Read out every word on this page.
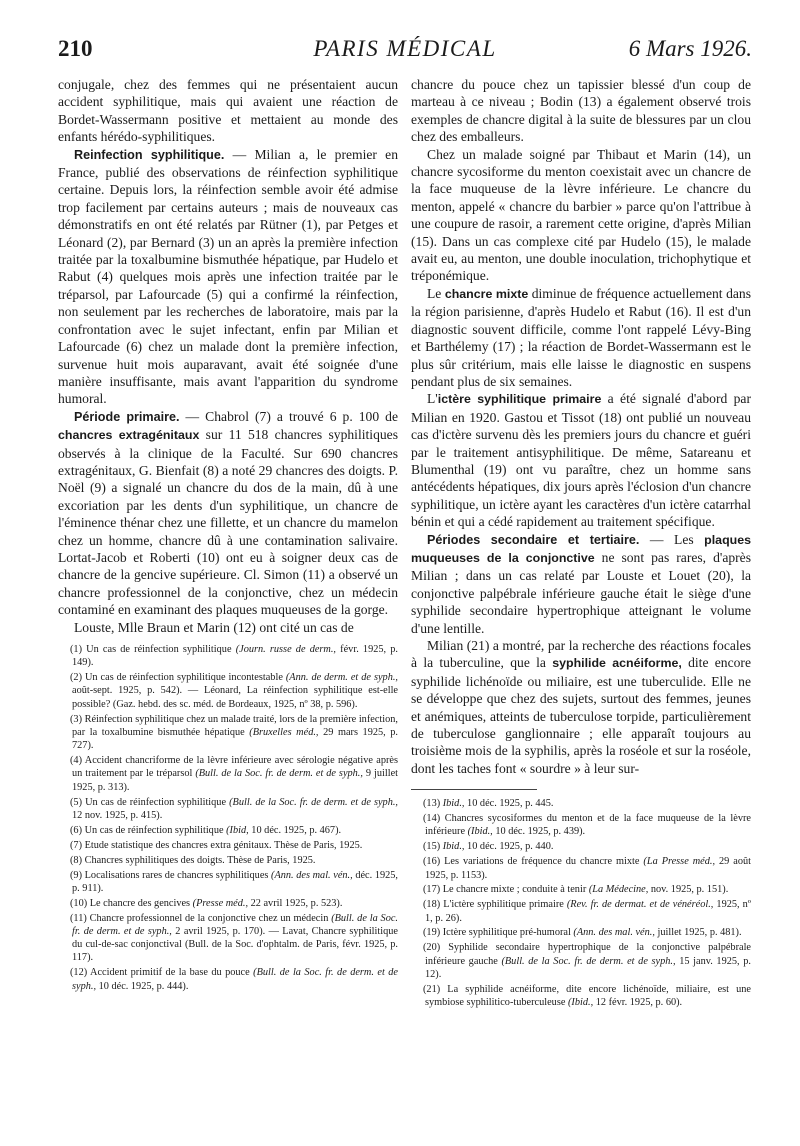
210	PARIS MÉDICAL	6 Mars 1926.

conjugale, chez des femmes qui ne présentaient aucun accident syphilitique, mais qui avaient une réaction de Bordet-Wassermann positive et mettaient au monde des enfants hérédo-syphilitiques.

Reinfection syphilitique. — Milian a, le premier en France, publié des observations de réinfection syphilitique certaine. Depuis lors, la réinfection semble avoir été admise trop facilement par certains auteurs ; mais de nouveaux cas démonstratifs en ont été relatés par Rütner (1), par Petges et Léonard (2), par Bernard (3) un an après la première infection traitée par la toxalbumine bismuthée hépatique, par Hudelo et Rabut (4) quelques mois après une infection traitée par le tréparsol, par Lafourcade (5) qui a confirmé la réinfection, non seulement par les recherches de laboratoire, mais par la confrontation avec le sujet infectant, enfin par Milian et Lafourcade (6) chez un malade dont la première infection, survenue huit mois auparavant, avait été soignée d'une manière insuffisante, mais avant l'apparition du syndrome humoral.

Période primaire. — Chabrol (7) a trouvé 6 p. 100 de chancres extragénitaux sur 11 518 chancres syphilitiques observés à la clinique de la Faculté. Sur 690 chancres extragénitaux, G. Bienfait (8) a noté 29 chancres des doigts. P. Noël (9) a signalé un chancre du dos de la main, dû à une excoriation par les dents d'un syphilitique, un chancre de l'éminence thénar chez une fillette, et un chancre du mamelon chez un homme, chancre dû à une contamination salivaire. Lortat-Jacob et Roberti (10) ont eu à soigner deux cas de chancre de la gencive supérieure. Cl. Simon (11) a observé un chancre professionnel de la conjonctive, chez un médecin contaminé en examinant des plaques muqueuses de la gorge.

Louste, Mlle Braun et Marin (12) ont cité un cas de

(1) Un cas de réinfection syphilitique (Journ. russe de derm., févr. 1925, p. 149).

(2) Un cas de réinfection syphilitique incontestable (Ann. de derm. et de syph., août-sept. 1925, p. 542). — Léonard, La réinfection syphilitique est-elle possible? (Gaz. hebd. des sc. méd. de Bordeaux, 1925, nº 38, p. 596).

(3) Réinfection syphilitique chez un malade traité, lors de la première infection, par la toxalbumine bismuthée hépatique (Bruxelles méd., 29 mars 1925, p. 727).

(4) Accident chancriforme de la lèvre inférieure avec sérologie négative après un traitement par le tréparsol (Bull. de la Soc. fr. de derm. et de syph., 9 juillet 1925, p. 313).

(5) Un cas de réinfection syphilitique (Bull. de la Soc. fr. de derm. et de syph., 12 nov. 1925, p. 415).

(6) Un cas de réinfection syphilitique (Ibid, 10 déc. 1925, p. 467).

(7) Etude statistique des chancres extra génitaux. Thèse de Paris, 1925.

(8) Chancres syphilitiques des doigts. Thèse de Paris, 1925.

(9) Localisations rares de chancres syphilitiques (Ann. des mal. vén., déc. 1925, p. 911).

(10) Le chancre des gencives (Presse méd., 22 avril 1925, p. 523).

(11) Chancre professionnel de la conjonctive chez un médecin (Bull. de la Soc. fr. de derm. et de syph., 2 avril 1925, p. 170). — Lavat, Chancre syphilitique du cul-de-sac conjonctival (Bull. de la Soc. d'ophtalm. de Paris, févr. 1925, p. 117).

(12) Accident primitif de la base du pouce (Bull. de la Soc. fr. de derm. et de syph., 10 déc. 1925, p. 444).

chancre du pouce chez un tapissier blessé d'un coup de marteau à ce niveau ; Bodin (13) a également observé trois exemples de chancre digital à la suite de blessures par un clou chez des emballeurs.

Chez un malade soigné par Thibaut et Marin (14), un chancre sycosiforme du menton coexistait avec un chancre de la face muqueuse de la lèvre inférieure. Le chancre du menton, appelé « chancre du barbier » parce qu'on l'attribue à une coupure de rasoir, a rarement cette origine, d'après Milian (15). Dans un cas complexe cité par Hudelo (15), le malade avait eu, au menton, une double inoculation, trichophytique et tréponémique.

Le chancre mixte diminue de fréquence actuellement dans la région parisienne, d'après Hudelo et Rabut (16). Il est d'un diagnostic souvent difficile, comme l'ont rappelé Lévy-Bing et Barthélemy (17) ; la réaction de Bordet-Wassermann est le plus sûr critérium, mais elle laisse le diagnostic en suspens pendant plus de six semaines.

L'ictère syphilitique primaire a été signalé d'abord par Milian en 1920. Gastou et Tissot (18) ont publié un nouveau cas d'ictère survenu dès les premiers jours du chancre et guéri par le traitement antisyphilitique. De même, Satareanu et Blumenthal (19) ont vu paraître, chez un homme sans antécédents hépatiques, dix jours après l'éclosion d'un chancre syphilitique, un ictère ayant les caractères d'un ictère catarrhal bénin et qui a cédé rapidement au traitement spécifique.

Périodes secondaire et tertiaire. — Les plaques muqueuses de la conjonctive ne sont pas rares, d'après Milian ; dans un cas relaté par Louste et Louet (20), la conjonctive palpébrale inférieure gauche était le siège d'une syphilide secondaire hypertrophique atteignant le volume d'une lentille.

Milian (21) a montré, par la recherche des réactions focales à la tuberculine, que la syphilide acnéiforme, dite encore syphilide lichénoïde ou miliaire, est une tuberculide. Elle ne se développe que chez des sujets, surtout des femmes, jeunes et anémiques, atteints de tuberculose torpide, particulièrement de tuberculose ganglionnaire ; elle apparaît toujours au troisième mois de la syphilis, après la roséole et sur la roséole, dont les taches font « sourdre » à leur sur-

(13) Ibid., 10 déc. 1925, p. 445.

(14) Chancres sycosiformes du menton et de la face muqueuse de la lèvre inférieure (Ibid., 10 déc. 1925, p. 439).

(15) Ibid., 10 déc. 1925, p. 440.

(16) Les variations de fréquence du chancre mixte (La Presse méd., 29 août 1925, p. 1153).

(17) Le chancre mixte ; conduite à tenir (La Médecine, nov. 1925, p. 151).

(18) L'ictère syphilitique primaire (Rev. fr. de dermat. et de vénéréol., 1925, nº 1, p. 26).

(19) Ictère syphilitique pré-humoral (Ann. des mal. vén., juillet 1925, p. 481).

(20) Syphilide secondaire hypertrophique de la conjonctive palpébrale inférieure gauche (Bull. de la Soc. fr. de derm. et de syph., 15 janv. 1925, p. 12).

(21) La syphilide acnéiforme, dite encore lichénoïde, miliaire, est une symbiose syphilitico-tuberculeuse (Ibid., 12 févr. 1925, p. 60).
